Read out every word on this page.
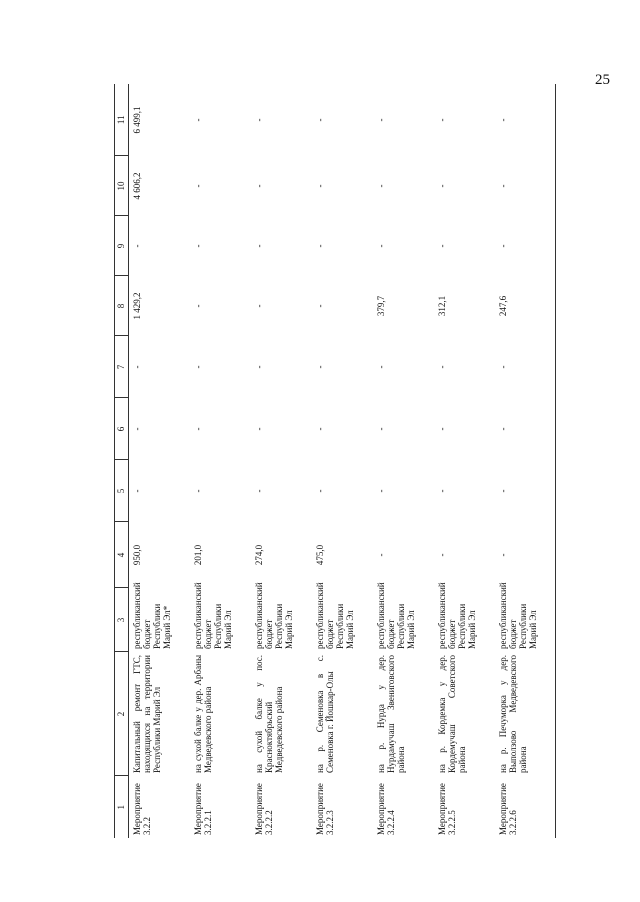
25
1	2	3	4	5	6	7	8	9	10	11
Мероприятие 3.2.2	Капитальный ремонт ГТС, находящихся на территории Республики Марий Эл	республиканский бюджет Республики Марий Эл*	950,0	-	-	-	1 429,2	-	4 606,2	6 499,1
Мероприятие 3.2.2.1	на сухой балке у дер. Арбаны Медведевского района	республиканский бюджет Республики Марий Эл	201,0	-	-	-	-	-	-	-
Мероприятие 3.2.2.2	на сухой балке у пос. Красноктябрьский Медведевского района	республиканский бюджет Республики Марий Эл	274,0	-	-	-	-	-	-	-
Мероприятие 3.2.2.3	на р. Семеновка в с. Семеновка г. Йошкар-Олы	республиканский бюджет Республики Марий Эл	475,0	-	-	-	-	-	-	-
Мероприятие 3.2.2.4	на р. Нурда у дер. Нурдамучаш Звениговского района	республиканский бюджет Республики Марий Эл	-	-	-	-	379,7	-	-	-
Мероприятие 3.2.2.5	на р. Кордемка у дер. Кордемучаш Советского района	республиканский бюджет Республики Марий Эл	-	-	-	-	312,1	-	-	-
Мероприятие 3.2.2.6	на р. Печуморка у дер. Выползово Медведевского района	республиканский бюджет Республики Марий Эл	-	-	-	-	247,6	-	-	-
